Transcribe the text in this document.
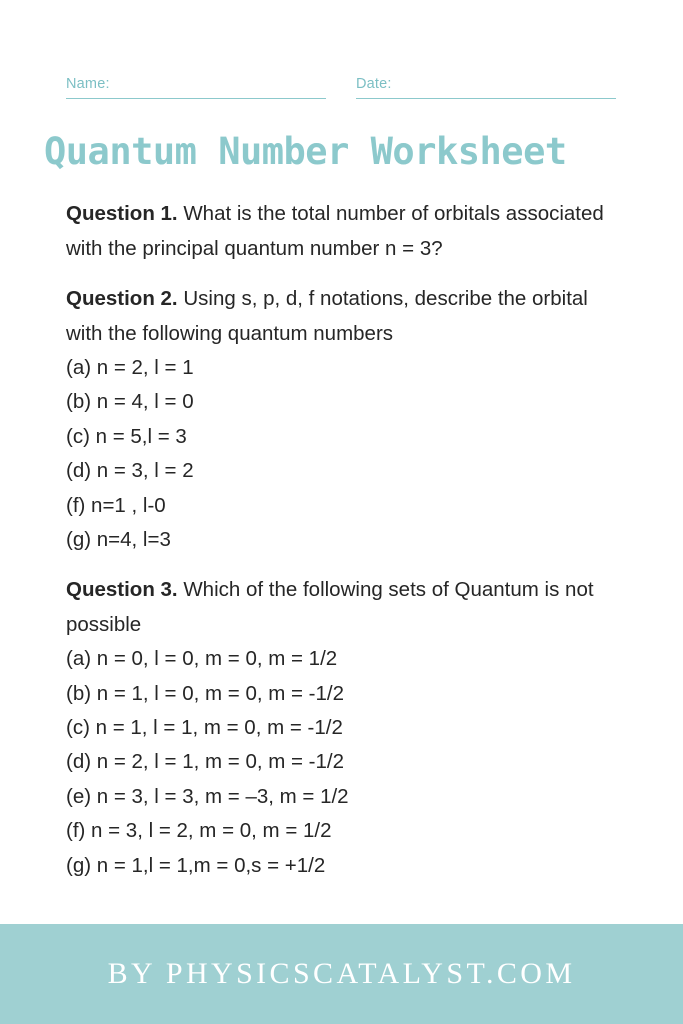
Name:	Date:
Quantum Number Worksheet

Question 1. What is the total number of orbitals associated with the principal quantum number n = 3?

Question 2. Using s, p, d, f notations, describe the orbital with the following quantum numbers

(a) n = 2, l = 1
(b) n = 4, l = 0
(c) n = 5,l = 3
(d) n = 3, l = 2
(f) n=1 , l-0
(g) n=4, l=3

Question 3. Which of the following sets of Quantum is not possible

(a) n = 0, l = 0, m = 0, m = 1/2
(b) n = 1, l = 0, m = 0, m = -1/2
(c) n = 1, l = 1, m = 0, m = -1/2
(d) n = 2, l = 1, m = 0, m = -1/2
(e) n = 3, l = 3, m = –3, m = 1/2
(f) n = 3, l = 2, m = 0, m = 1/2
(g) n = 1,l = 1,m = 0,s = +1/2
BY PHYSICSCATALYST.COM
